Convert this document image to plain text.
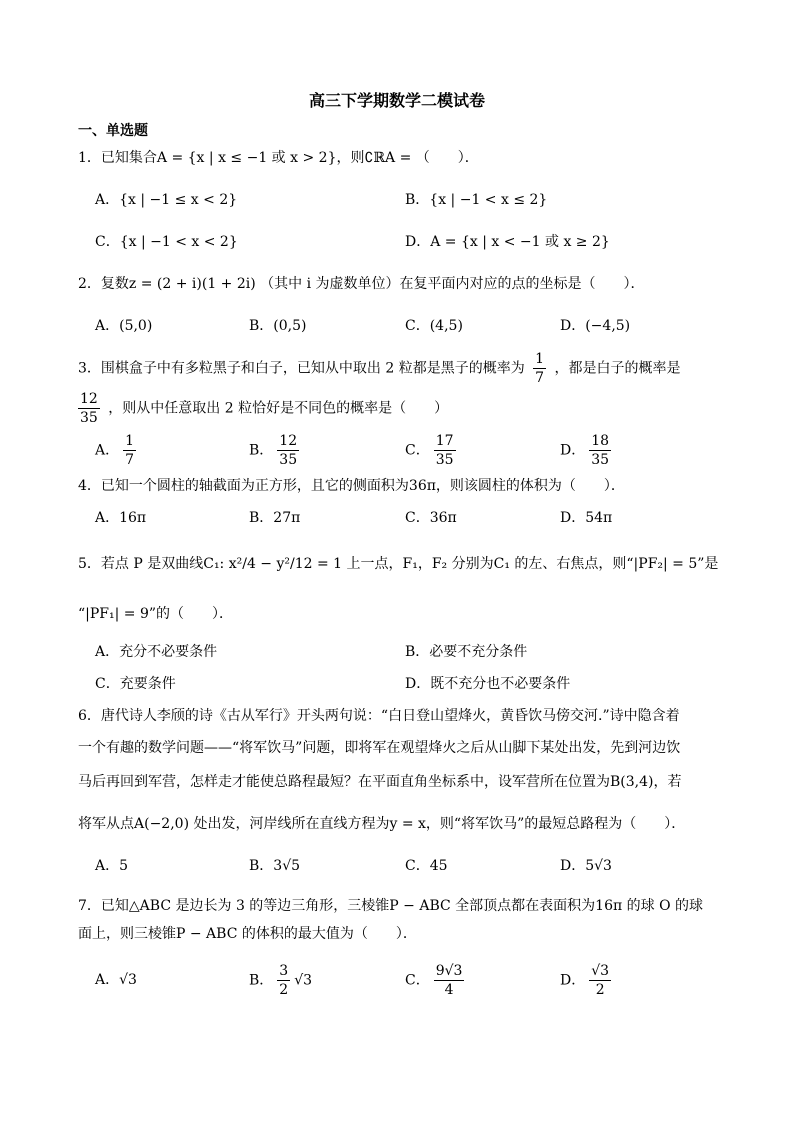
高三下学期数学二模试卷
一、单选题
1．已知集合A = {x | x ≤ −1 或 x > 2}，则∁ℝA = （　　）．
A．{x | −1 ≤ x < 2}	B．{x | −1 < x ≤ 2}
C．{x | −1 < x < 2}	D．A = {x | x < −1 或 x ≥ 2}
2．复数z = (2 + i)(1 + 2i) （其中 i 为虚数单位）在复平面内对应的点的坐标是（　　）．
A．(5,0)	B．(0,5)	C．(4,5)	D．(−4,5)
3．围棋盒子中有多粒黑子和白子，已知从中取出 2 粒都是黑子的概率为 $\frac{1}{7}$ ，都是白子的概率是
$\frac{12}{35}$ ，则从中任意取出 2 粒恰好是不同色的概率是（　　）
A． $\frac{1}{7}$	B． $\frac{12}{35}$	C． $\frac{17}{35}$	D． $\frac{18}{35}$
4．已知一个圆柱的轴截面为正方形，且它的侧面积为36π，则该圆柱的体积为（　　）．
A．16π	B．27π	C．36π	D．54π
5．若点 P 是双曲线C₁: x²/4 − y²/12 = 1 上一点，F₁，F₂ 分别为C₁ 的左、右焦点，则“|PF₂| = 5”是
“|PF₁| = 9”的（　　）．
A．充分不必要条件	B．必要不充分条件
C．充要条件	D．既不充分也不必要条件
6．唐代诗人李颀的诗《古从军行》开头两句说：“白日登山望烽火，黄昏饮马傍交河.”诗中隐含着
一个有趣的数学问题——“将军饮马”问题，即将军在观望烽火之后从山脚下某处出发，先到河边饮
马后再回到军营，怎样走才能使总路程最短？在平面直角坐标系中，设军营所在位置为B(3,4)，若
将军从点A(−2,0) 处出发，河岸线所在直线方程为y = x，则“将军饮马”的最短总路程为（　　）．
A．5	B．3√5	C．45	D．5√3
7．已知△ABC 是边长为 3 的等边三角形，三棱锥P − ABC 全部顶点都在表面积为16π 的球 O 的球
面上，则三棱锥P − ABC 的体积的最大值为（　　）．
A．√3	B． $\frac{3}{2} √3$	C． $\frac{9√3}{4}$	D． $\frac{√3}{2}$
